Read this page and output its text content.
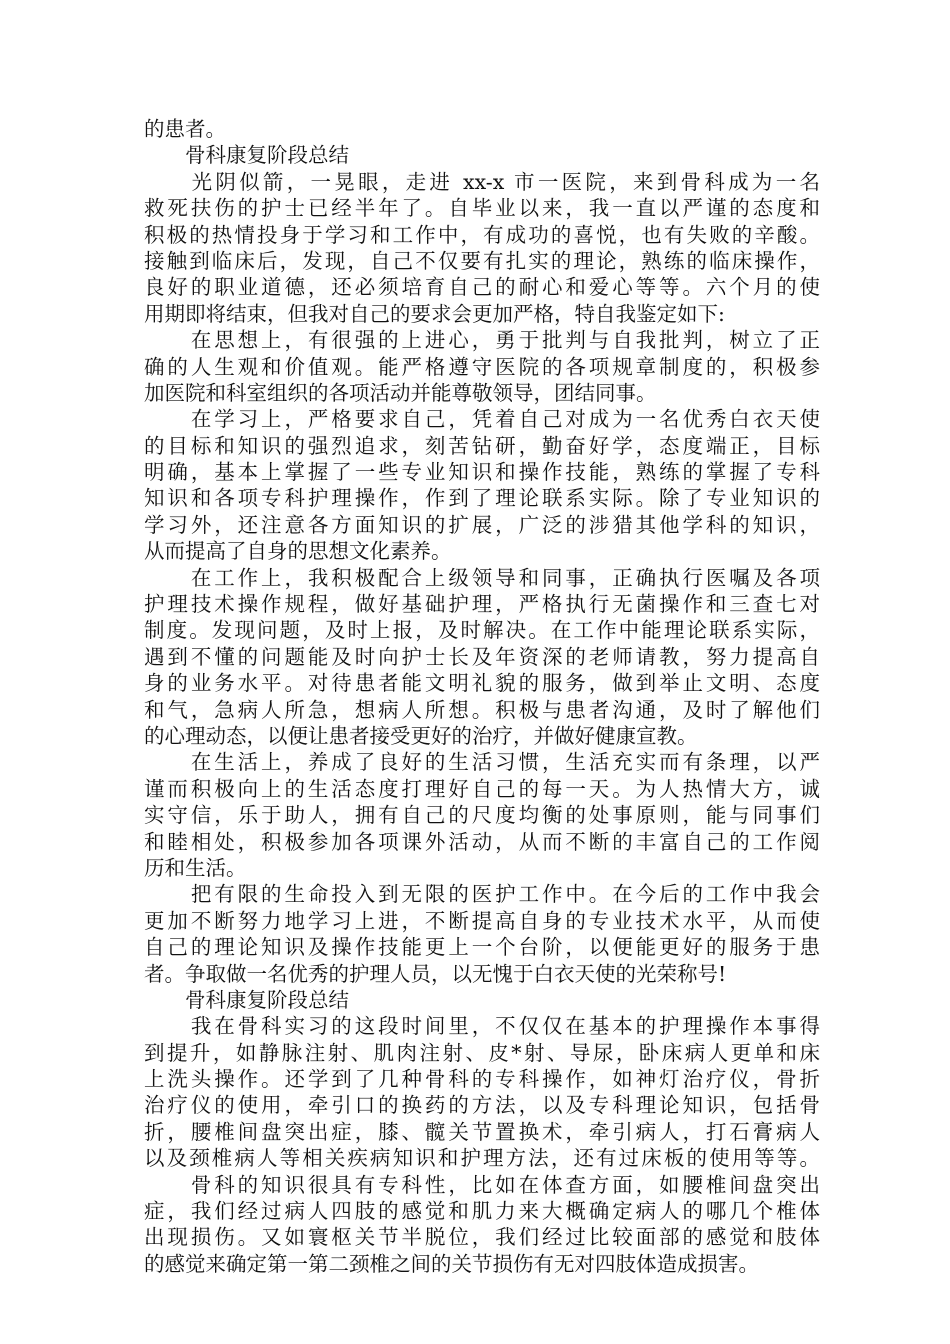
的患者。
　　骨科康复阶段总结
　　光阴似箭，一晃眼，走进 xx-x 市一医院，来到骨科成为一名
救死扶伤的护士已经半年了。自毕业以来，我一直以严谨的态度和
积极的热情投身于学习和工作中，有成功的喜悦，也有失败的辛酸。
接触到临床后，发现，自己不仅要有扎实的理论，熟练的临床操作，
良好的职业道德，还必须培育自己的耐心和爱心等等。六个月的使
用期即将结束，但我对自己的要求会更加严格，特自我鉴定如下:
　　在思想上，有很强的上进心，勇于批判与自我批判，树立了正
确的人生观和价值观。能严格遵守医院的各项规章制度的，积极参
加医院和科室组织的各项活动并能尊敬领导，团结同事。
　　在学习上，严格要求自己，凭着自己对成为一名优秀白衣天使
的目标和知识的强烈追求，刻苦钻研，勤奋好学，态度端正，目标
明确，基本上掌握了一些专业知识和操作技能，熟练的掌握了专科
知识和各项专科护理操作，作到了理论联系实际。除了专业知识的
学习外，还注意各方面知识的扩展，广泛的涉猎其他学科的知识，
从而提高了自身的思想文化素养。
　　在工作上，我积极配合上级领导和同事，正确执行医嘱及各项
护理技术操作规程，做好基础护理，严格执行无菌操作和三查七对
制度。发现问题，及时上报，及时解决。在工作中能理论联系实际，
遇到不懂的问题能及时向护士长及年资深的老师请教，努力提高自
身的业务水平。对待患者能文明礼貌的服务，做到举止文明、态度
和气，急病人所急，想病人所想。积极与患者沟通，及时了解他们
的心理动态，以便让患者接受更好的治疗，并做好健康宣教。
　　在生活上，养成了良好的生活习惯，生活充实而有条理，以严
谨而积极向上的生活态度打理好自己的每一天。为人热情大方，诚
实守信，乐于助人，拥有自己的尺度均衡的处事原则，能与同事们
和睦相处，积极参加各项课外活动，从而不断的丰富自己的工作阅
历和生活。
　　把有限的生命投入到无限的医护工作中。在今后的工作中我会
更加不断努力地学习上进，不断提高自身的专业技术水平，从而使
自己的理论知识及操作技能更上一个台阶，以便能更好的服务于患
者。争取做一名优秀的护理人员，以无愧于白衣天使的光荣称号!
　　骨科康复阶段总结
　　我在骨科实习的这段时间里，不仅仅在基本的护理操作本事得
到提升，如静脉注射、肌肉注射、皮*射、导尿，卧床病人更单和床
上洗头操作。还学到了几种骨科的专科操作，如神灯治疗仪，骨折
治疗仪的使用，牵引口的换药的方法，以及专科理论知识，包括骨
折，腰椎间盘突出症，膝、髋关节置换术，牵引病人，打石膏病人
以及颈椎病人等相关疾病知识和护理方法，还有过床板的使用等等。
　　骨科的知识很具有专科性，比如在体查方面，如腰椎间盘突出
症，我们经过病人四肢的感觉和肌力来大概确定病人的哪几个椎体
出现损伤。又如寰枢关节半脱位，我们经过比较面部的感觉和肢体
的感觉来确定第一第二颈椎之间的关节损伤有无对四肢体造成损害。
